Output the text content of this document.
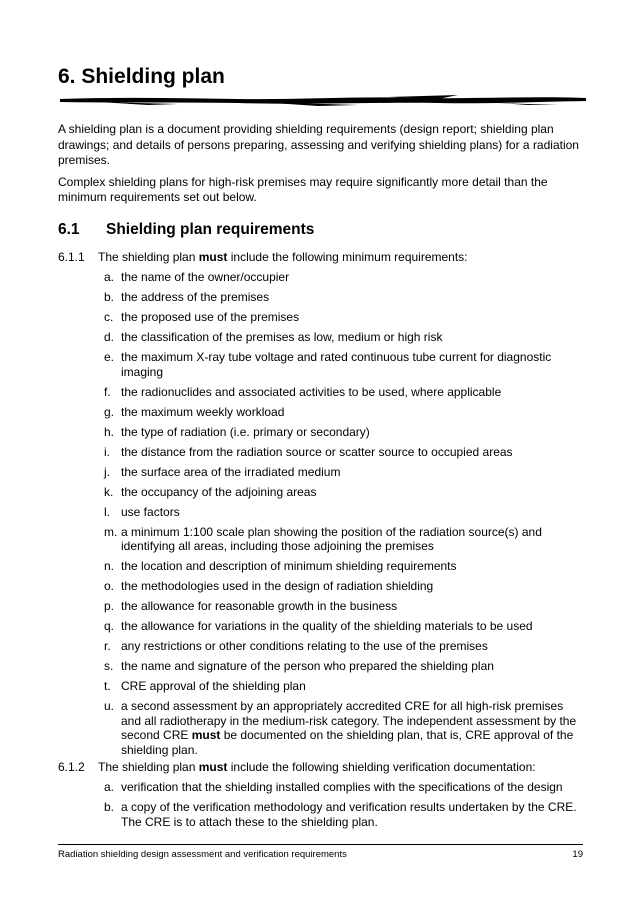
6. Shielding plan

A shielding plan is a document providing shielding requirements (design report; shielding plan drawings; and details of persons preparing, assessing and verifying shielding plans) for a radiation premises.

Complex shielding plans for high-risk premises may require significantly more detail than the minimum requirements set out below.

6.1 Shielding plan requirements
6.1.1 The shielding plan must include the following minimum requirements:
a. the name of the owner/occupier
b. the address of the premises
c. the proposed use of the premises
d. the classification of the premises as low, medium or high risk
e. the maximum X-ray tube voltage and rated continuous tube current for diagnostic imaging
f. the radionuclides and associated activities to be used, where applicable
g. the maximum weekly workload
h. the type of radiation (i.e. primary or secondary)
i. the distance from the radiation source or scatter source to occupied areas
j. the surface area of the irradiated medium
k. the occupancy of the adjoining areas
l. use factors
m. a minimum 1:100 scale plan showing the position of the radiation source(s) and identifying all areas, including those adjoining the premises
n. the location and description of minimum shielding requirements
o. the methodologies used in the design of radiation shielding
p. the allowance for reasonable growth in the business
q. the allowance for variations in the quality of the shielding materials to be used
r. any restrictions or other conditions relating to the use of the premises
s. the name and signature of the person who prepared the shielding plan
t. CRE approval of the shielding plan
u. a second assessment by an appropriately accredited CRE for all high-risk premises and all radiotherapy in the medium-risk category. The independent assessment by the second CRE must be documented on the shielding plan, that is, CRE approval of the shielding plan.
6.1.2 The shielding plan must include the following shielding verification documentation:
a. verification that the shielding installed complies with the specifications of the design
b. a copy of the verification methodology and verification results undertaken by the CRE. The CRE is to attach these to the shielding plan.
Radiation shielding design assessment and verification requirements	19
